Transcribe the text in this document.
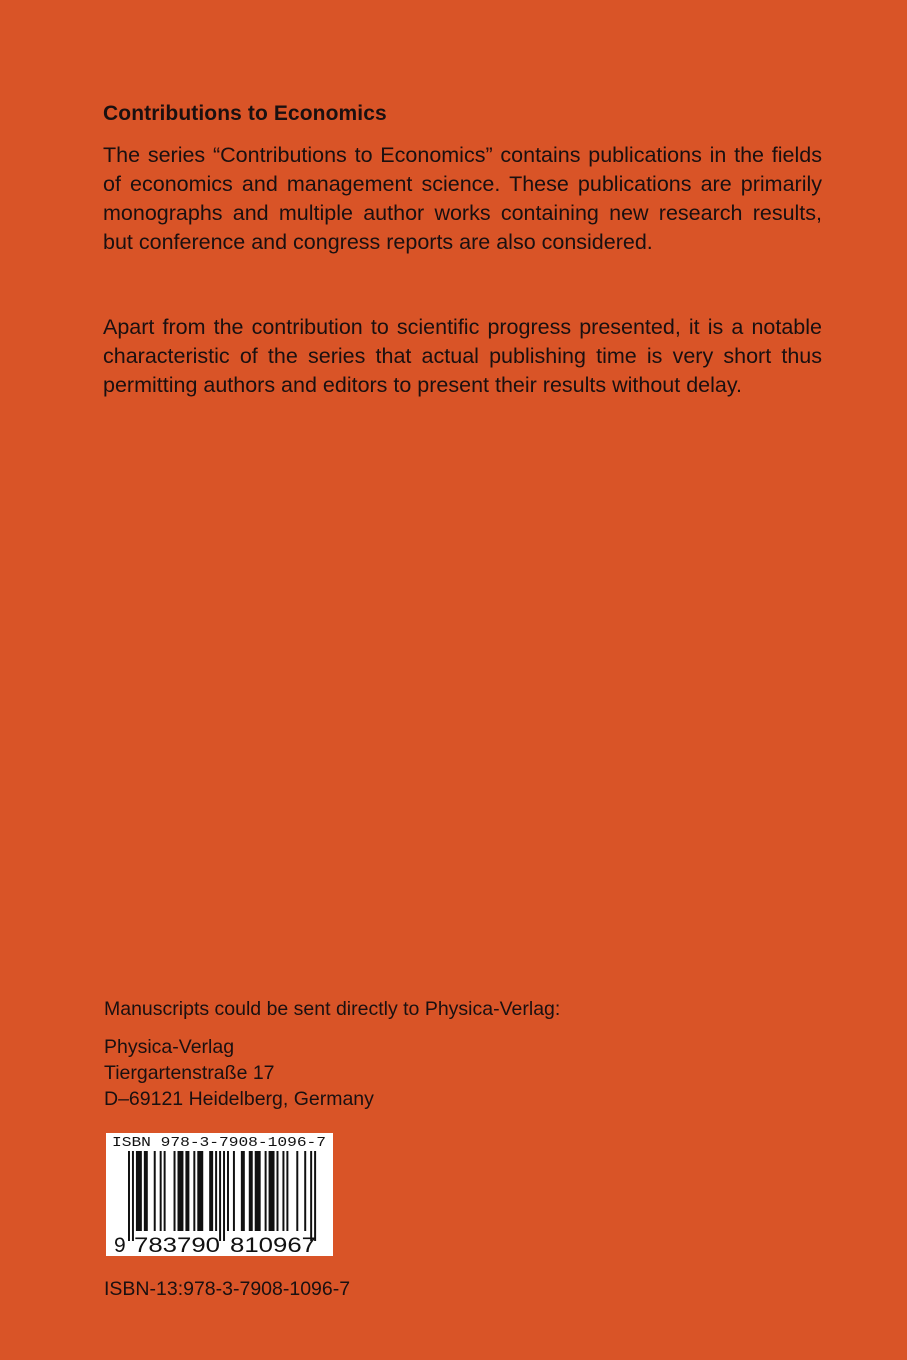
Contributions to Economics

The series “Contributions to Economics” contains publications in the fields of economics and management science. These publications are primarily monographs and multiple author works containing new research results, but conference and congress reports are also considered.

Apart from the contribution to scientific progress presented, it is a notable characteristic of the series that actual publishing time is very short thus permitting authors and editors to present their results without delay.

Manuscripts could be sent directly to Physica-Verlag:

Physica-Verlag
Tiergartenstraße 17
D–69121 Heidelberg, Germany

ISBN 978-3-7908-1096-7
9 783790 810967

ISBN-13:978-3-7908-1096-7
